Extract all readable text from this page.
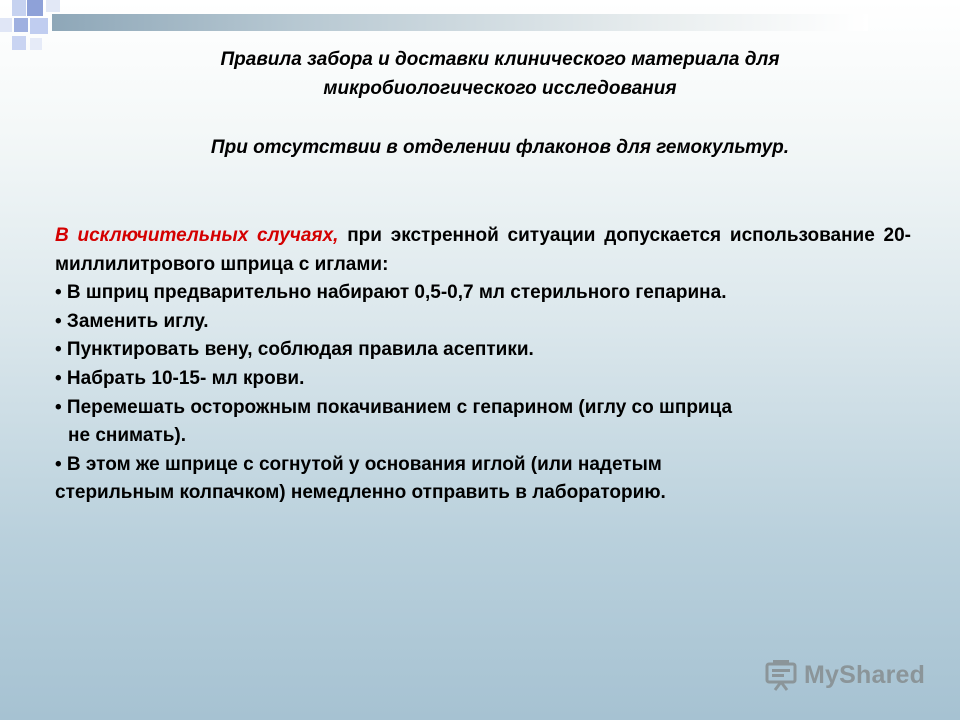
Правила забора и доставки клинического материала для
микробиологического исследования
При отсутствии в отделении флаконов для гемокультур.
В исключительных случаях, при экстренной ситуации допускается использование 20-миллилитрового шприца с иглами:
• В шприц предварительно набирают 0,5-0,7 мл стерильного гепарина.
• Заменить иглу.
• Пунктировать вену, соблюдая правила асептики.
• Набрать 10-15- мл крови.
• Перемешать осторожным покачиванием с гепарином (иглу со шприца
не снимать).
• В этом же шприце с согнутой у основания иглой (или надетым
стерильным колпачком) немедленно отправить в лабораторию.
MyShared
